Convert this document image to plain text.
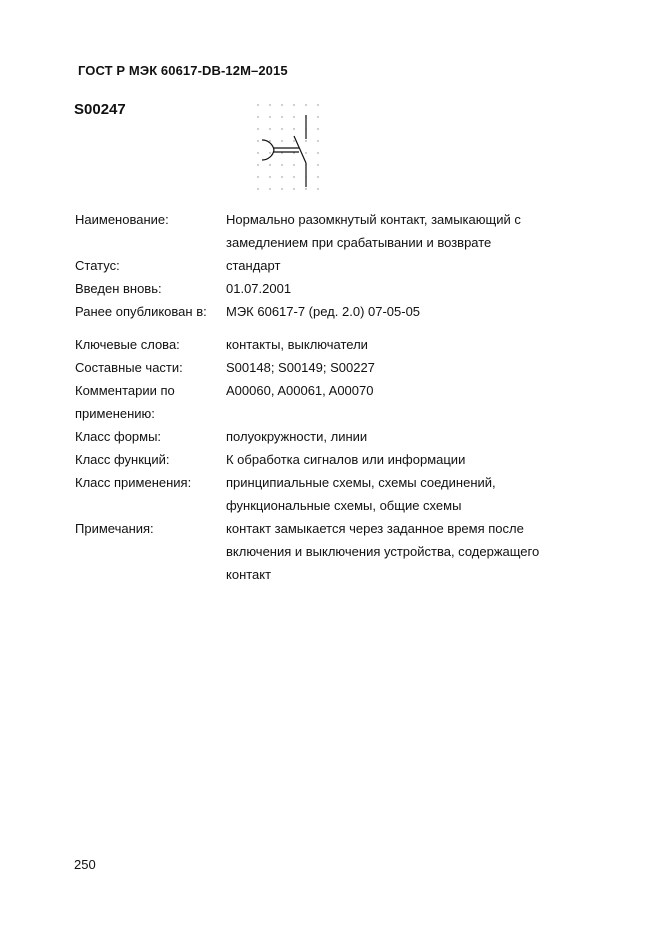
ГОСТ Р МЭК 60617-DB-12M–2015
S00247
Наименование:	Нормально разомкнутый контакт, замыкающий с
замедлением при срабатывании и возврате
Статус:	стандарт
Введен вновь:	01.07.2001
Ранее опубликован в: МЭК 60617-7 (ред. 2.0) 07-05-05
Ключевые слова:	контакты, выключатели
Составные части:	S00148; S00149; S00227
Комментарии по
применению:
A00060, A00061, A00070
Класс формы:	полуокружности, линии
Класс функций:	К обработка сигналов или информации
Класс применения:	принципиальные схемы, схемы соединений,
функциональные схемы, общие схемы
Примечания:	контакт замыкается через заданное время после
включения и выключения устройства, содержащего
контакт
250
